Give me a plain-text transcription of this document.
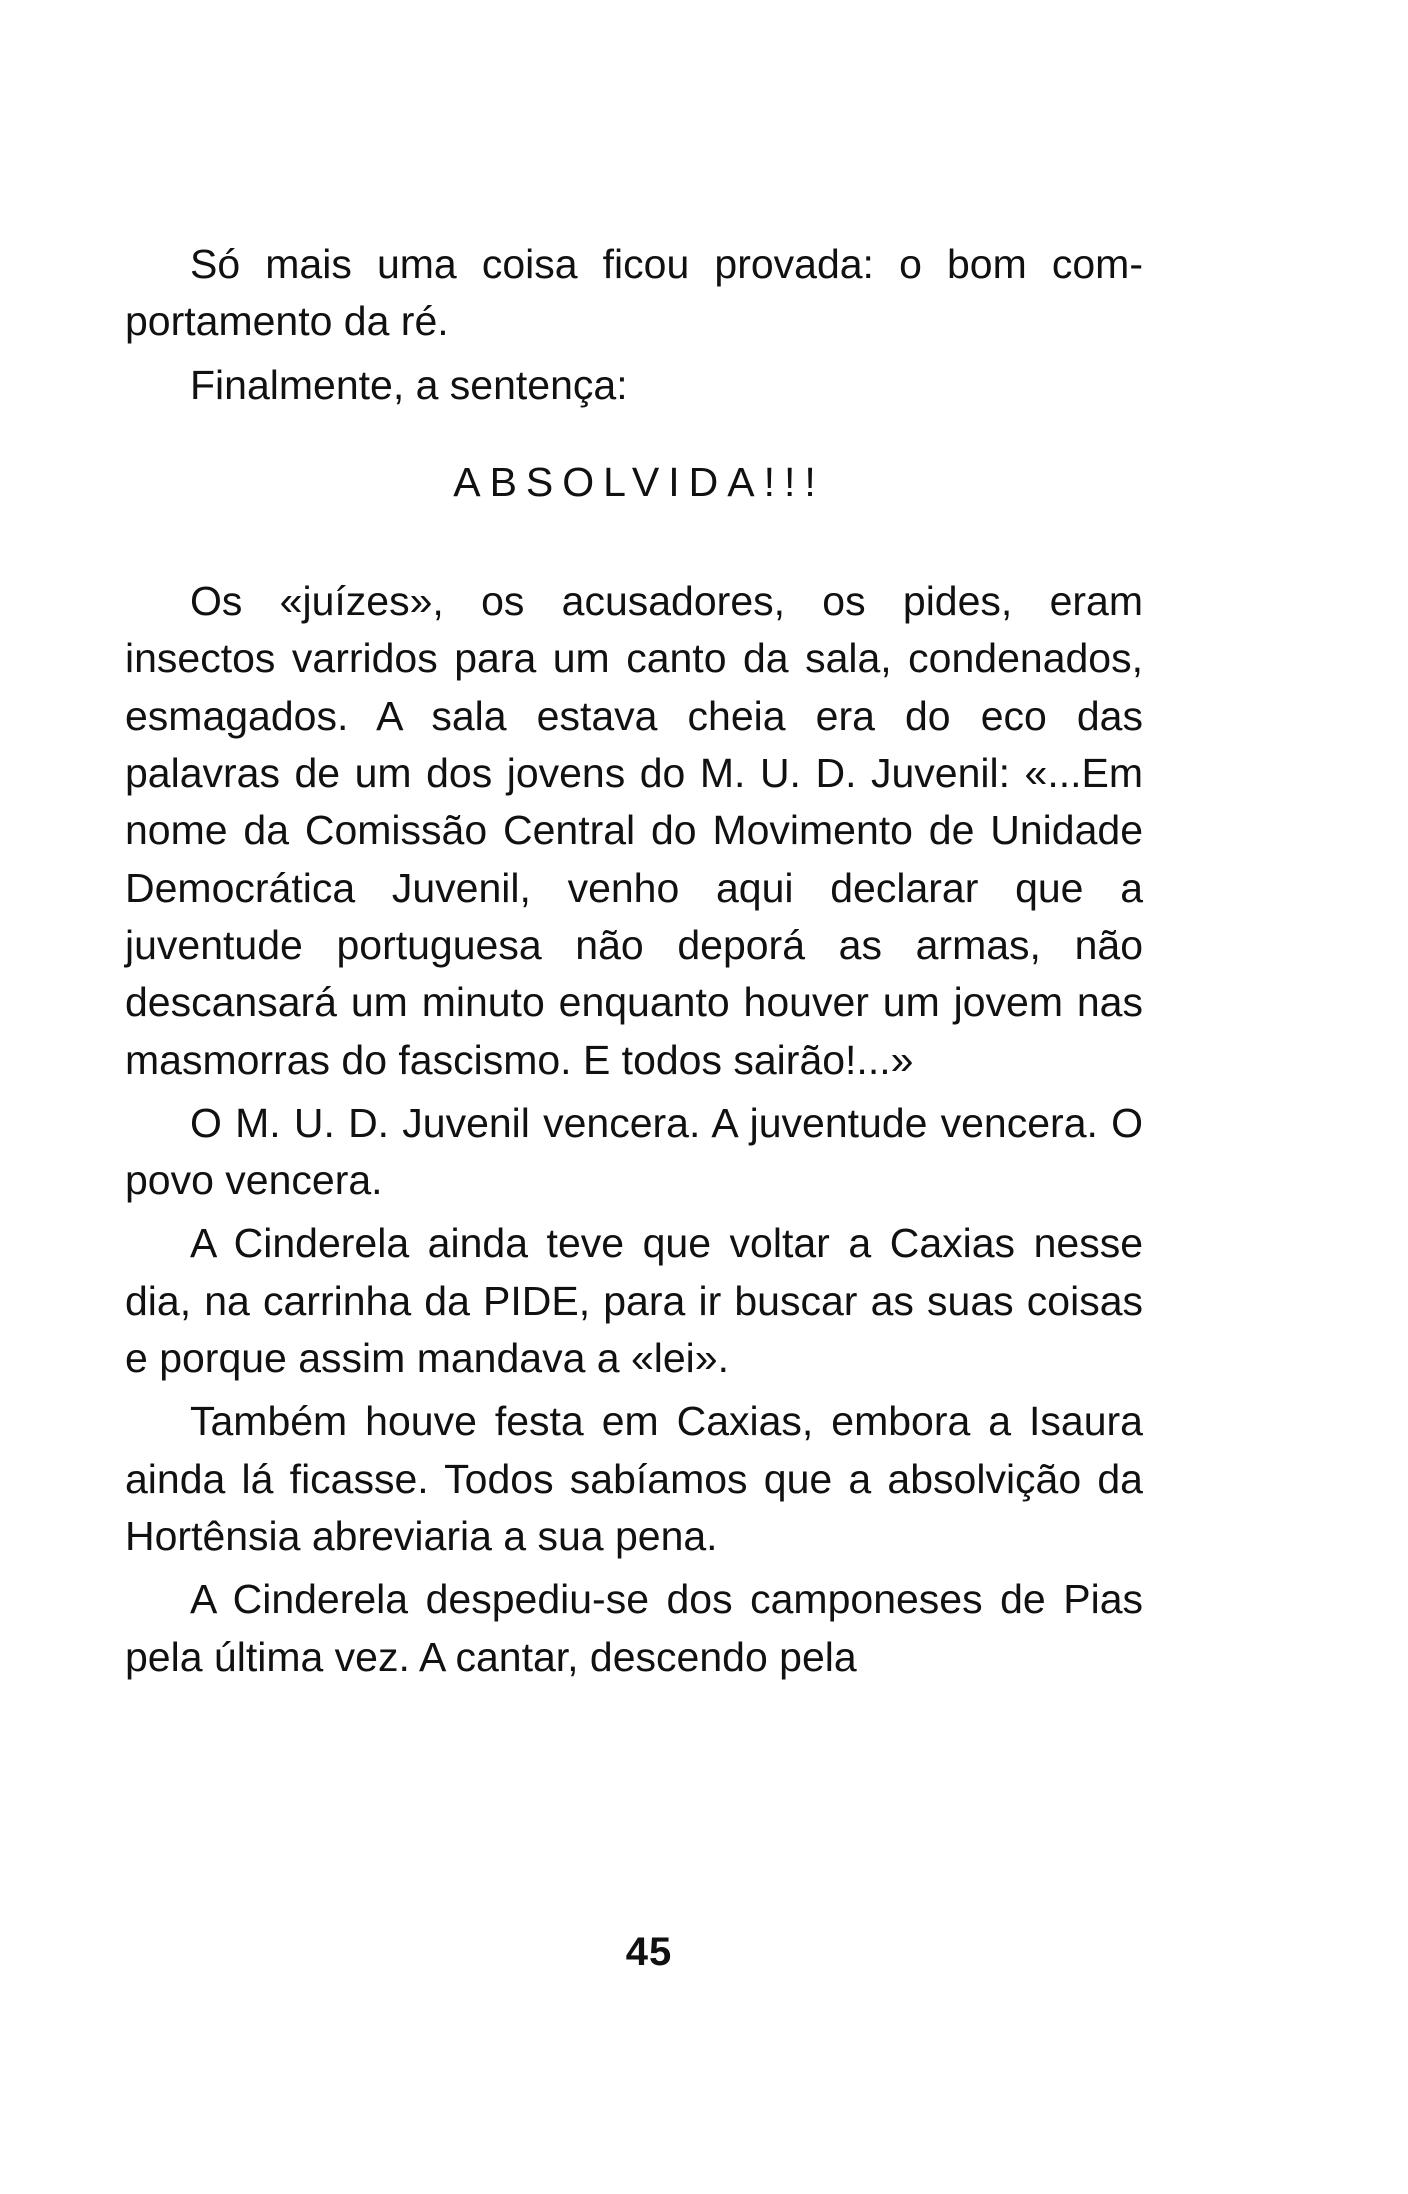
Só mais uma coisa ficou provada: o bom comportamento da ré.

Finalmente, a sentença:

ABSOLVIDA!!!

Os «juízes», os acusadores, os pides, eram insectos varridos para um canto da sala, condenados, esmagados. A sala estava cheia era do eco das palavras de um dos jovens do M. U. D. Juvenil: «...Em nome da Comissão Central do Movimento de Unidade Democrática Juvenil, venho aqui declarar que a juventude portuguesa não deporá as armas, não descansará um minuto enquanto houver um jovem nas masmorras do fascismo. E todos sairão!...»

O M. U. D. Juvenil vencera. A juventude vencera. O povo vencera.

A Cinderela ainda teve que voltar a Caxias nesse dia, na carrinha da PIDE, para ir buscar as suas coisas e porque assim mandava a «lei».

Também houve festa em Caxias, embora a Isaura ainda lá ficasse. Todos sabíamos que a absolvição da Hortênsia abreviaria a sua pena.

A Cinderela despediu-se dos camponeses de Pias pela última vez. A cantar, descendo pela

45
